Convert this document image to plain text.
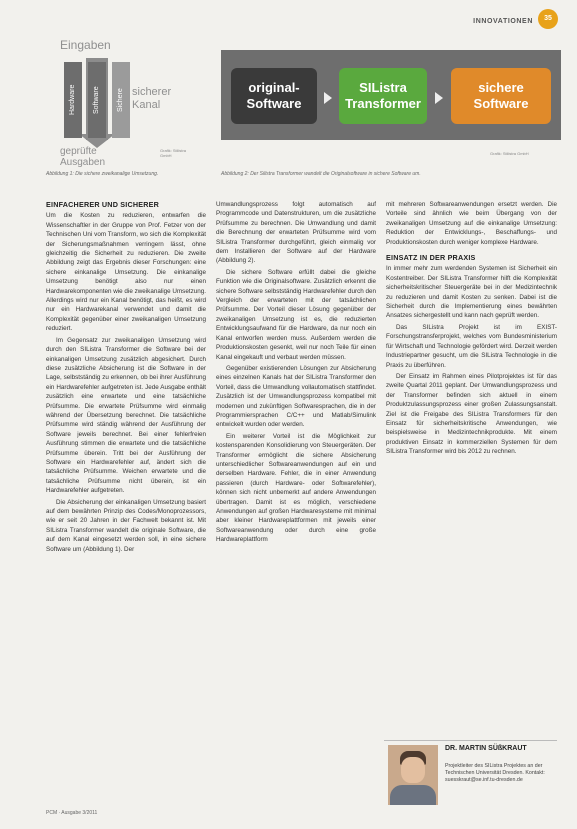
INNOVATIONEN	35
Eingaben
Hardware	Software	Sichere sicherer Kanal
geprüfte Ausgaben
Grafik: Stilistra GmbH
original-Software
SIListra Transformer
sichere Software
Grafik: Stilistra GmbH
Abbildung 1: Die sichere zweikanalige Umsetzung.	Abbildung 2: Der Silistra Transformer wandelt die Originalsoftware in sichere Software um.
EINFACHERER UND SICHERER

Um die Kosten zu reduzieren, entwarfen die Wissenschaftler in der Gruppe von Prof. Fetzer von der Technischen Uni vom Transform, wo sich die Komplexität der Sicherungsmaßnahmen verringern lässt, ohne gleichzeitig die Sicherheit zu reduzieren. Die zweite Abbildung zeigt das Ergebnis dieser Forschungen: eine sichere einkanalige Umsetzung. Die einkanalige Umsetzung benötigt also nur einen Hardwarekomponenten wie die zweikanalige Umsetzung. Allerdings wird nur ein Kanal benötigt, das heißt, es wird nur ein Hardwarekanal verwendet und damit die Komplexität gegenüber einer zweikanaligen Umsetzung reduziert.

Im Gegensatz zur zweikanaligen Umsetzung wird durch den SIListra Transformer die Software bei der einkanaligen Umsetzung zusätzlich abgesichert. Durch diese zusätzliche Absicherung ist die Software in der Lage, selbstständig zu erkennen, ob bei ihrer Ausführung ein Hardwarefehler aufgetreten ist. Jede Ausgabe enthält zusätzlich eine erwartete und eine tatsächliche Prüfsumme. Die erwartete Prüfsumme wird einmalig während der Übersetzung berechnet. Die tatsächliche Prüfsumme wird ständig während der Ausführung der Software jeweils berechnet. Bei einer fehlerfreien Ausführung stimmen die erwartete und die tatsächliche Prüfsumme überein. Tritt bei der Ausführung der Software ein Hardwarefehler auf, ändert sich die tatsächliche Prüfsumme. Weichen erwartete und die tatsächliche Prüfsumme nicht überein, ist ein Hardwarefehler aufgetreten.

Die Absicherung der einkanaligen Umsetzung basiert auf dem bewährten Prinzip des Codes/Monoprozessors, wie er seit 20 Jahren in der Fachwelt bekannt ist. Mit SIListra Transformer wandelt die originale Software, die auf dem Kanal eingesetzt werden soll, in eine sichere Software um (Abbildung 1). Der

Umwandlungsprozess folgt automatisch auf Programmcode und Datenstrukturen, um die zusätzliche Prüfsumme zu berechnen. Die Umwandlung und damit die Berechnung der erwarteten Prüfsumme wird vom SIListra Transformer durchgeführt, gleich einmalig vor dem Installieren der Software auf der Hardware (Abbildung 2).

Die sichere Software erfüllt dabei die gleiche Funktion wie die Originalsoftware. Zusätzlich erkennt die sichere Software selbstständig Hardwarefehler durch den Vergleich der erwarteten mit der tatsächlichen Prüfsumme. Der Vorteil dieser Lösung gegenüber der zweikanaligen Umsetzung ist es, die reduzierten Entwicklungsaufwand für die Hardware, da nur noch ein Kanal entworfen werden muss. Außerdem werden die Produktionskosten gesenkt, weil nur noch Teile für einen Kanal eingekauft und verbaut werden müssen.

Gegenüber existierenden Lösungen zur Absicherung eines einzelnen Kanals hat der SIListra Transformer den Vorteil, dass die Umwandlung vollautomatisch stattfindet. Zusätzlich ist der Umwandlungsprozess kompatibel mit modernen und zukünftigen Softwaresprachen, die in der Programmiersprachen C/C++ und Matlab/Simulink entwickelt wurden oder werden.

Ein weiterer Vorteil ist die Möglichkeit zur kostensparenden Konsolidierung von Steuergeräten. Der Transformer ermöglicht die sichere Absicherung unterschiedlicher Softwareanwendungen auf ein und derselben Hardware. Fehler, die in einer Anwendung passieren (durch Hardware- oder Softwarefehler), können sich nicht unbemerkt auf andere Anwendungen übertragen. Damit ist es möglich, verschiedene Anwendungen auf großen Hardwaresysteme mit minimal aber kleiner Hardwareplattformen mit jeweils einer Softwareanwendung oder durch eine große Hardwareplattform

mit mehreren Softwareanwendungen ersetzt werden. Die Vorteile sind ähnlich wie beim Übergang von der zweikanaligen Umsetzung auf die einkanalige Umsetzung: Reduktion der Entwicklungs-, Beschaffungs- und Produktionskosten durch weniger komplexe Hardware.

EINSATZ IN DER PRAXIS

In immer mehr zum werdenden Systemen ist Sicherheit ein Kostentreiber. Der SIListra Transformer hilft die Komplexität sicherheitskritischer Steuergeräte bei in der Medizintechnik zu reduzieren und damit Kosten zu senken. Dabei ist die Sicherheit durch die Implementierung eines bewährten Ansatzes sichergestellt und kann nach geprüft werden.

Das SIListra Projekt ist im EXIST-Forschungstransferprojekt, welches vom Bundesministerium für Wirtschaft und Technologie gefördert wird. Derzeit werden Industriepartner gesucht, um die SIListra Technologie in die Praxis zu überführen.

Der Einsatz im Rahmen eines Pilotprojektes ist für das zweite Quartal 2011 geplant. Der Umwandlungsprozess und der Transformer befinden sich aktuell in einem Produktzulassungsprozess einer großen Zulassungsanstalt. Ziel ist die Freigabe des SIListra Transformers für den Einsatz für sicherheitskritische Anwendungen, wie beispielsweise in Medizintechnikprodukte. Mit einem produktiven Einsatz in kommerziellen Systemen für dem SIListra Transformer wird bis 2012 zu rechnen.

DR. MARTIN SÜßKRAUT
Projektleiter des SIListra Projektes an der Technischen Universität Dresden. Kontakt: suesskraut@se.inf.tu-dresden.de
PCM · Ausgabe 3/2011
